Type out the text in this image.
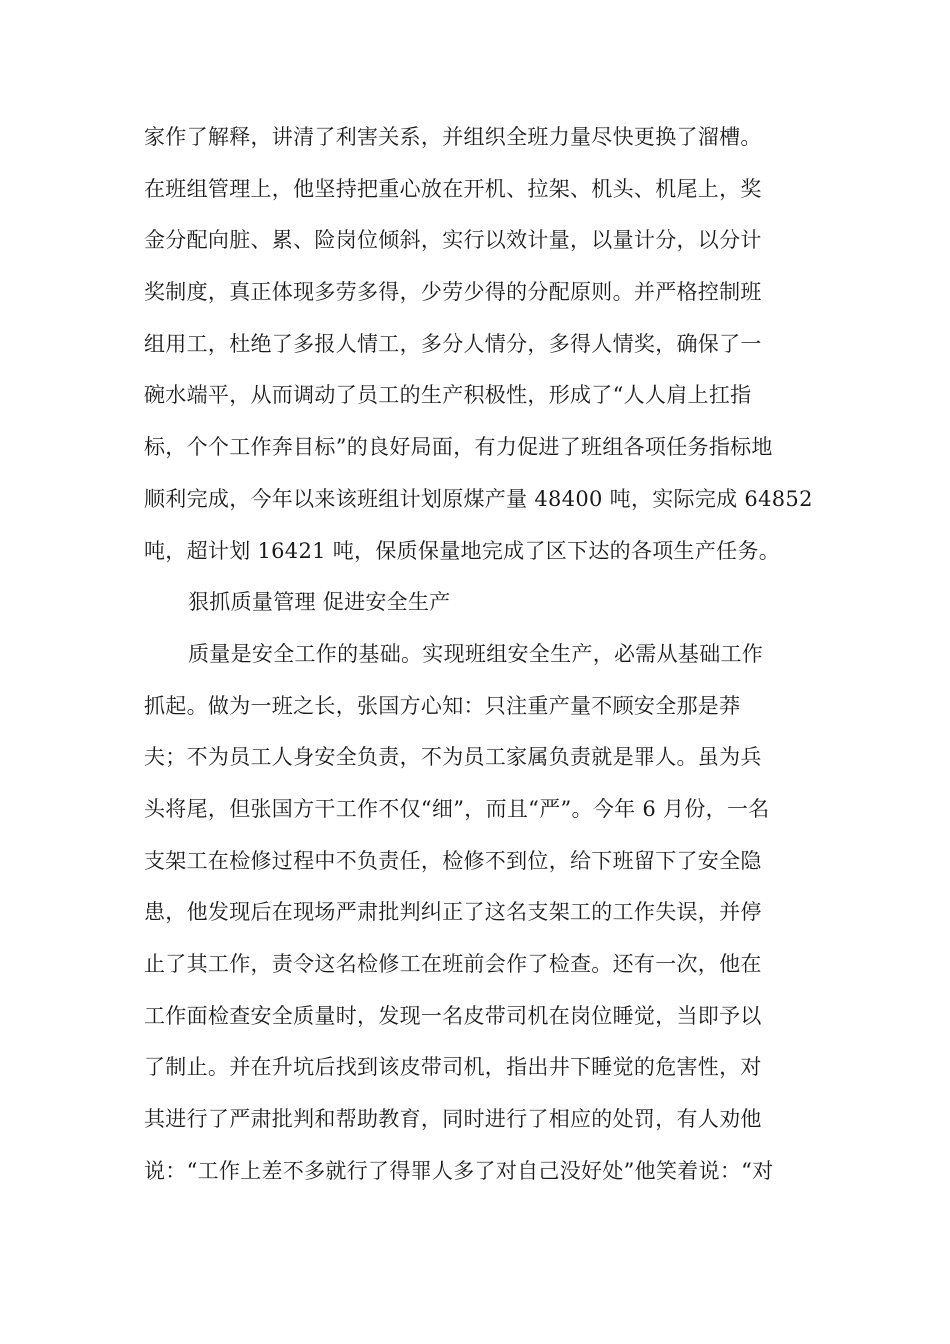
家作了解释，讲清了利害关系，并组织全班力量尽快更换了溜槽。
在班组管理上，他坚持把重心放在开机、拉架、机头、机尾上，奖
金分配向脏、累、险岗位倾斜，实行以效计量，以量计分，以分计
奖制度，真正体现多劳多得，少劳少得的分配原则。并严格控制班
组用工，杜绝了多报人情工，多分人情分，多得人情奖，确保了一
碗水端平，从而调动了员工的生产积极性，形成了“人人肩上扛指
标，个个工作奔目标”的良好局面，有力促进了班组各项任务指标地
顺利完成，今年以来该班组计划原煤产量 48400 吨，实际完成 64852
吨，超计划 16421 吨，保质保量地完成了区下达的各项生产任务。
狠抓质量管理 促进安全生产
质量是安全工作的基础。实现班组安全生产，必需从基础工作
抓起。做为一班之长，张国方心知：只注重产量不顾安全那是莽
夫；不为员工人身安全负责，不为员工家属负责就是罪人。虽为兵
头将尾，但张国方干工作不仅“细”，而且“严”。今年 6 月份，一名
支架工在检修过程中不负责任，检修不到位，给下班留下了安全隐
患，他发现后在现场严肃批判纠正了这名支架工的工作失误，并停
止了其工作，责令这名检修工在班前会作了检查。还有一次，他在
工作面检查安全质量时，发现一名皮带司机在岗位睡觉，当即予以
了制止。并在升坑后找到该皮带司机，指出井下睡觉的危害性，对
其进行了严肃批判和帮助教育，同时进行了相应的处罚，有人劝他
说：“工作上差不多就行了得罪人多了对自己没好处”他笑着说：“对
